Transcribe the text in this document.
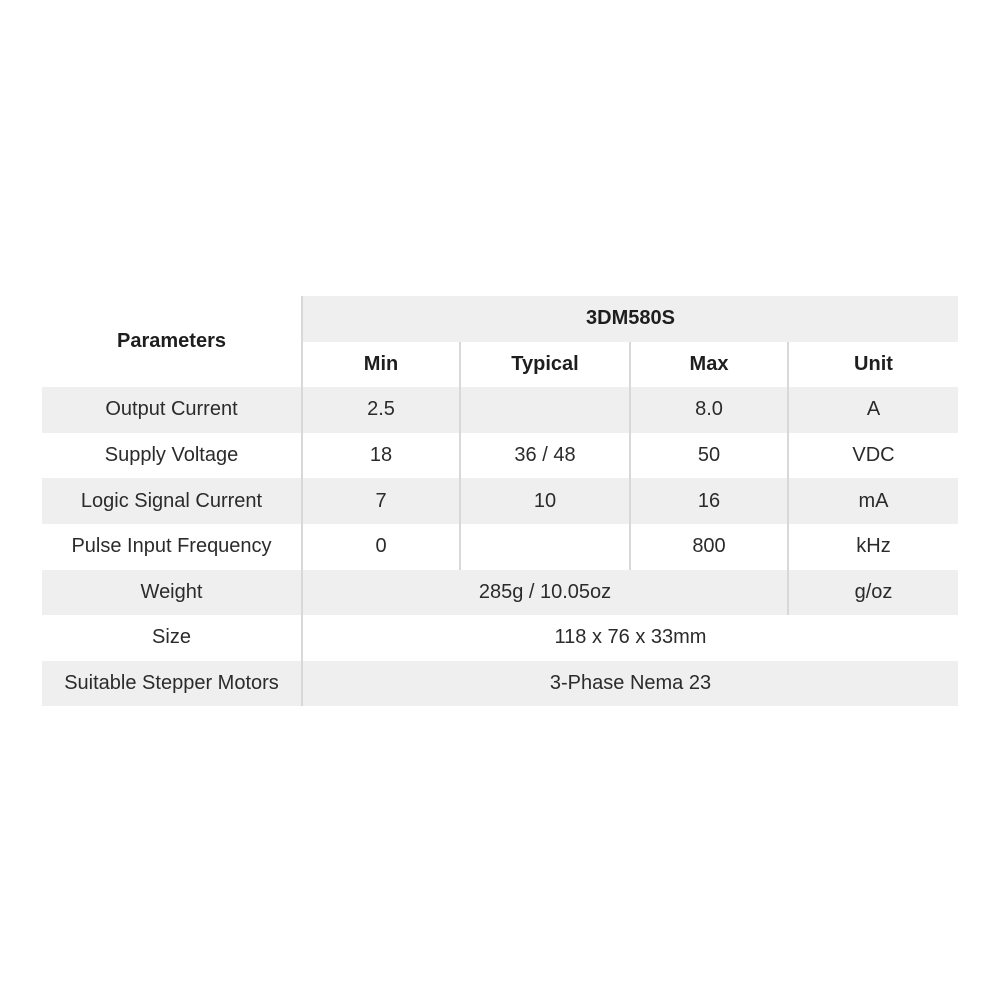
Parameters	3DM580S			
	Min	Typical	Max	Unit
Output Current	2.5		8.0	A
Supply Voltage	18	36 / 48	50	VDC
Logic Signal Current	7	10	16	mA
Pulse Input Frequency	0		800	kHz
Weight	285g / 10.05oz			g/oz
Size	118 x 76 x 33mm			
Suitable Stepper Motors	3-Phase Nema 23			
